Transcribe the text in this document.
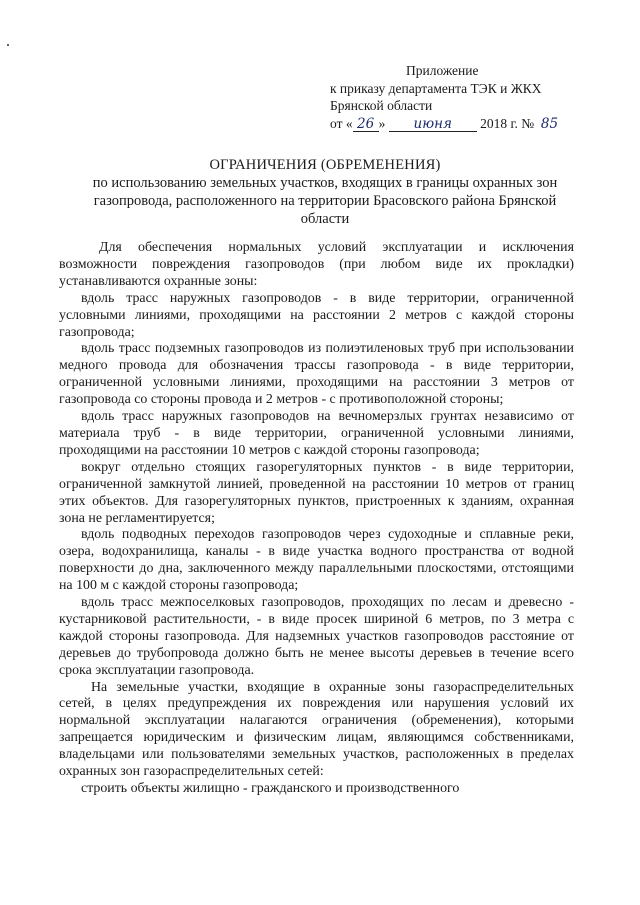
Приложение
к приказу департамента ТЭК и ЖКХ
Брянской области
от « 26 » июня 2018 г. № 85
ОГРАНИЧЕНИЯ (ОБРЕМЕНЕНИЯ)
по использованию земельных участков, входящих в границы охранных зон газопровода, расположенного на территории Брасовского района Брянской области

Для обеспечения нормальных условий эксплуатации и исключения возможности повреждения газопроводов (при любом виде их прокладки) устанавливаются охранные зоны:

вдоль трасс наружных газопроводов - в виде территории, ограниченной условными линиями, проходящими на расстоянии 2 метров с каждой стороны газопровода;

вдоль трасс подземных газопроводов из полиэтиленовых труб при использовании медного провода для обозначения трассы газопровода - в виде территории, ограниченной условными линиями, проходящими на расстоянии 3 метров от газопровода со стороны провода и 2 метров - с противоположной стороны;

вдоль трасс наружных газопроводов на вечномерзлых грунтах независимо от материала труб - в виде территории, ограниченной условными линиями, проходящими на расстоянии 10 метров с каждой стороны газопровода;

вокруг отдельно стоящих газорегуляторных пунктов - в виде территории, ограниченной замкнутой линией, проведенной на расстоянии 10 метров от границ этих объектов. Для газорегуляторных пунктов, пристроенных к зданиям, охранная зона не регламентируется;

вдоль подводных переходов газопроводов через судоходные и сплавные реки, озера, водохранилища, каналы - в виде участка водного пространства от водной поверхности до дна, заключенного между параллельными плоскостями, отстоящими на 100 м с каждой стороны газопровода;

вдоль трасс межпоселковых газопроводов, проходящих по лесам и древесно - кустарниковой растительности, - в виде просек шириной 6 метров, по 3 метра с каждой стороны газопровода. Для надземных участков газопроводов расстояние от деревьев до трубопровода должно быть не менее высоты деревьев в течение всего срока эксплуатации газопровода.

На земельные участки, входящие в охранные зоны газораспределительных сетей, в целях предупреждения их повреждения или нарушения условий их нормальной эксплуатации налагаются ограничения (обременения), которыми запрещается юридическим и физическим лицам, являющимся собственниками, владельцами или пользователями земельных участков, расположенных в пределах охранных зон газораспределительных сетей:

строить объекты жилищно - гражданского и производственного
